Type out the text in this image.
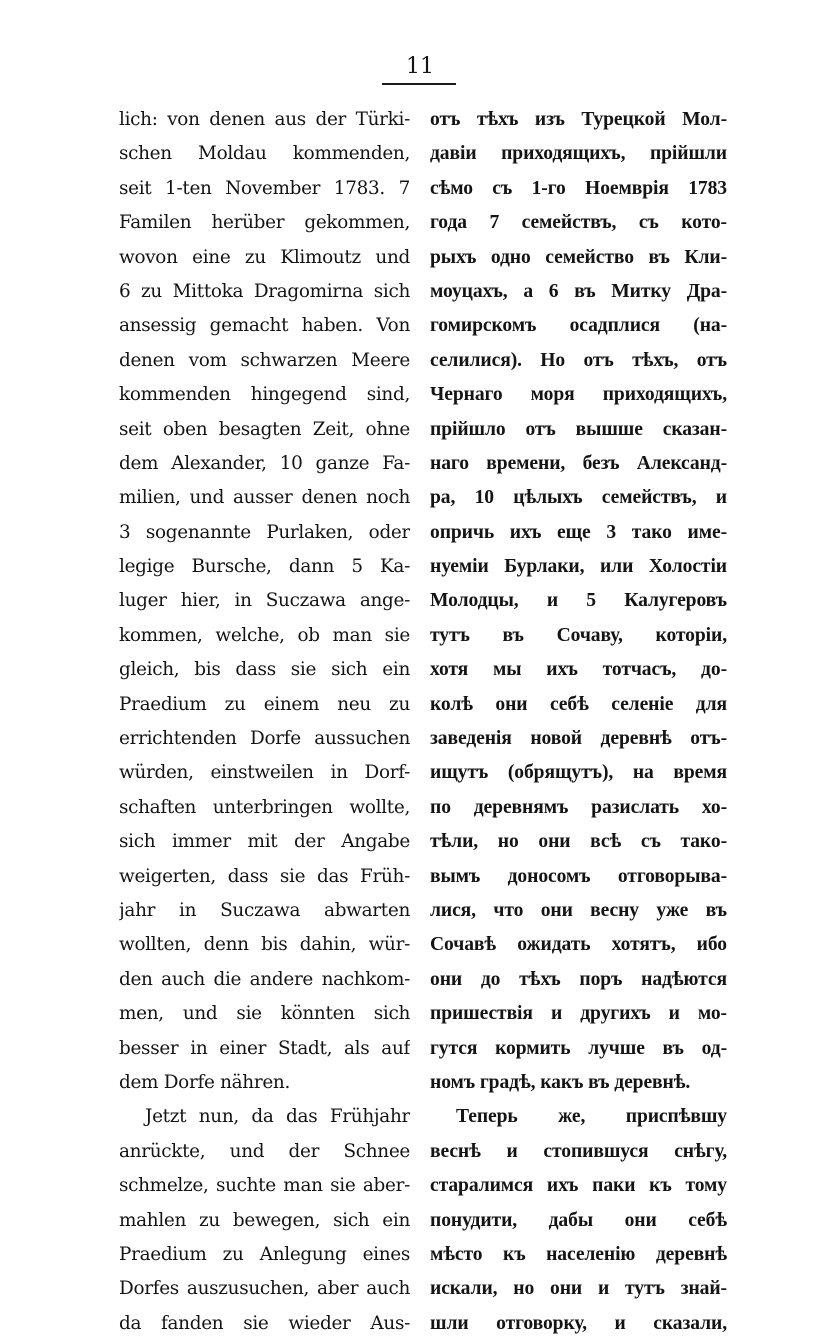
11
lich: von denen aus der Türki-
schen Moldau kommenden,
seit 1-ten November 1783. 7
Familen herüber gekommen,
wovon eine zu Klimoutz und
6 zu Mittoka Dragomirna sich
ansessig gemacht haben. Von
denen vom schwarzen Meere
kommenden hingegend sind,
seit oben besagten Zeit, ohne
dem Alexander, 10 ganze Fa-
milien, und ausser denen noch
3 sogenannte Purlaken, oder
legige Bursche, dann 5 Ka-
luger hier, in Suczawa ange-
kommen, welche, ob man sie
gleich, bis dass sie sich ein
Praedium zu einem neu zu
errichtenden Dorfe aussuchen
würden, einstweilen in Dorf-
schaften unterbringen wollte,
sich immer mit der Angabe
weigerten, dass sie das Früh-
jahr in Suczawa abwarten
wollten, denn bis dahin, wür-
den auch die andere nachkom-
men, und sie könnten sich
besser in einer Stadt, als auf
dem Dorfe nähren.
Jetzt nun, da das Frühjahr
anrückte, und der Schnee
schmelze, suchte man sie aber-
mahlen zu bewegen, sich ein
Praedium zu Anlegung eines
Dorfes auszusuchen, aber auch
da fanden sie wieder Aus-
отъ тѣхъ изъ Турецкой Мол-
давіи приходящихъ, прійшли
сѣмо съ 1-го Ноемврія 1783
года 7 семействъ, съ кото-
рыхъ одно семейство въ Кли-
моуцахъ, а 6 въ Митку Дра-
гомирскомъ осадплися (на-
селилися). Но отъ тѣхъ, отъ
Чернаго моря приходящихъ,
прійшло отъ вышше сказан-
наго времени, безъ Александ-
ра, 10 цѣлыхъ семействъ, и
опричь ихъ еще 3 тако име-
нуеміи Бурлаки, или Холостіи
Молодцы, и 5 Калугеровъ
тутъ въ Сочаву, которіи,
хотя мы ихъ тотчасъ, до-
колѣ они себѣ селеніе для
заведенія новой деревнѣ отъ-
ищутъ (обрящутъ), на время
по деревнямъ разислать хо-
тѣли, но они всѣ съ тако-
вымъ доносомъ отговорыва-
лися, что они весну уже въ
Сочавѣ ожидать хотятъ, ибо
они до тѣхъ поръ надѣются
пришествія и другихъ и мо-
гутся кормить лучше въ од-
номъ градѣ, какъ въ деревнѣ.
Теперь же, приспѣвшу
веснѣ и стопившуся снѣгу,
старалимся ихъ паки къ тому
понудити, дабы они себѣ
мѣсто къ населенію деревнѣ
искали, но они и тутъ знай-
шли отговорку, и сказали,
